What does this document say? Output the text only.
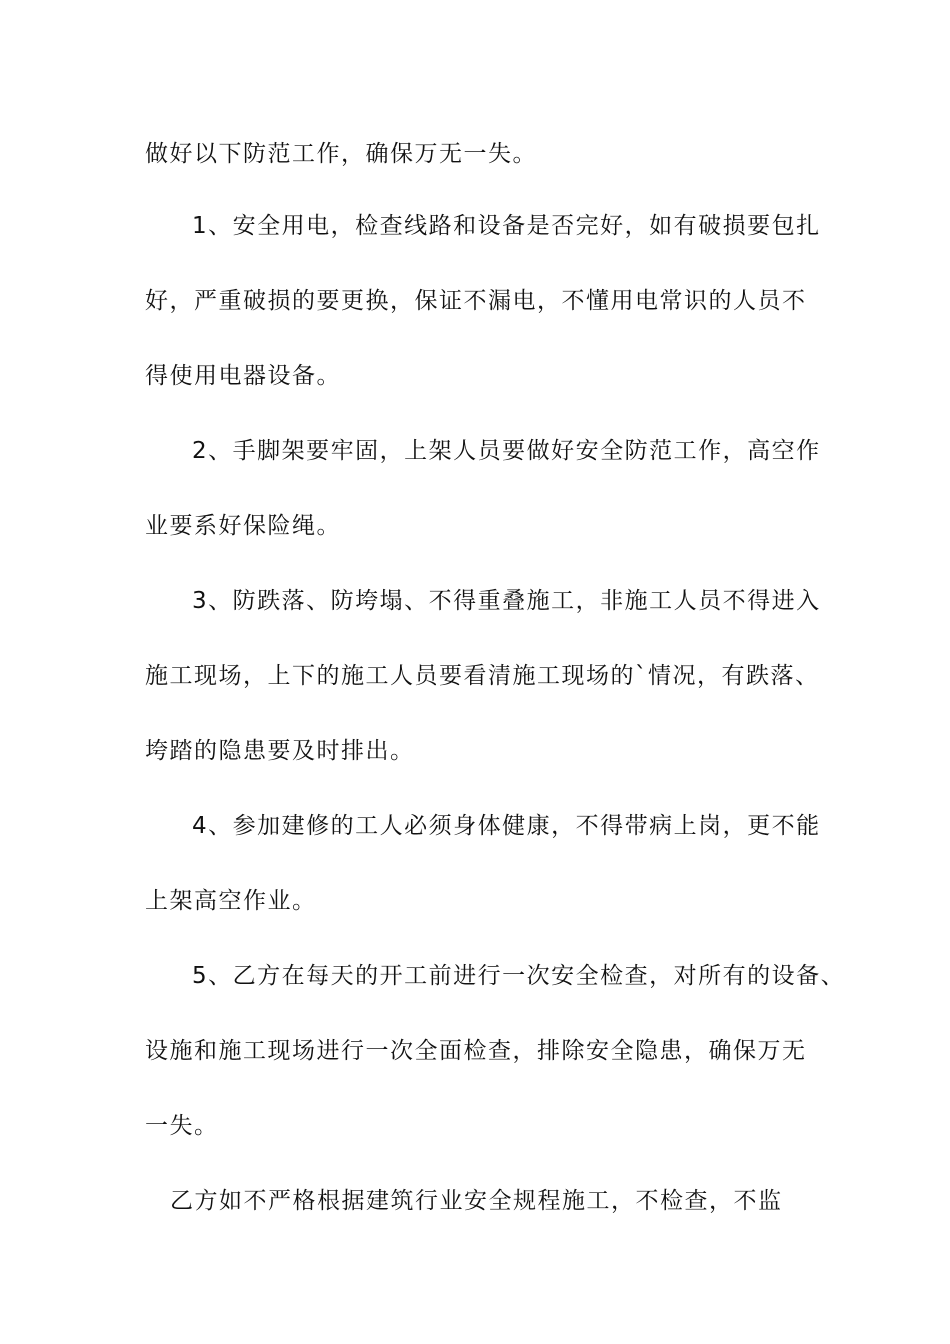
做好以下防范工作，确保万无一失。
1、安全用电，检查线路和设备是否完好，如有破损要包扎
好，严重破损的要更换，保证不漏电，不懂用电常识的人员不
得使用电器设备。
2、手脚架要牢固，上架人员要做好安全防范工作，高空作
业要系好保险绳。
3、防跌落、防垮塌、不得重叠施工，非施工人员不得进入
施工现场，上下的施工人员要看清施工现场的`情况，有跌落、
垮踏的隐患要及时排出。
4、参加建修的工人必须身体健康，不得带病上岗，更不能
上架高空作业。
5、乙方在每天的开工前进行一次安全检查，对所有的设备、
设施和施工现场进行一次全面检查，排除安全隐患，确保万无
一失。
乙方如不严格根据建筑行业安全规程施工，不检查，不监
